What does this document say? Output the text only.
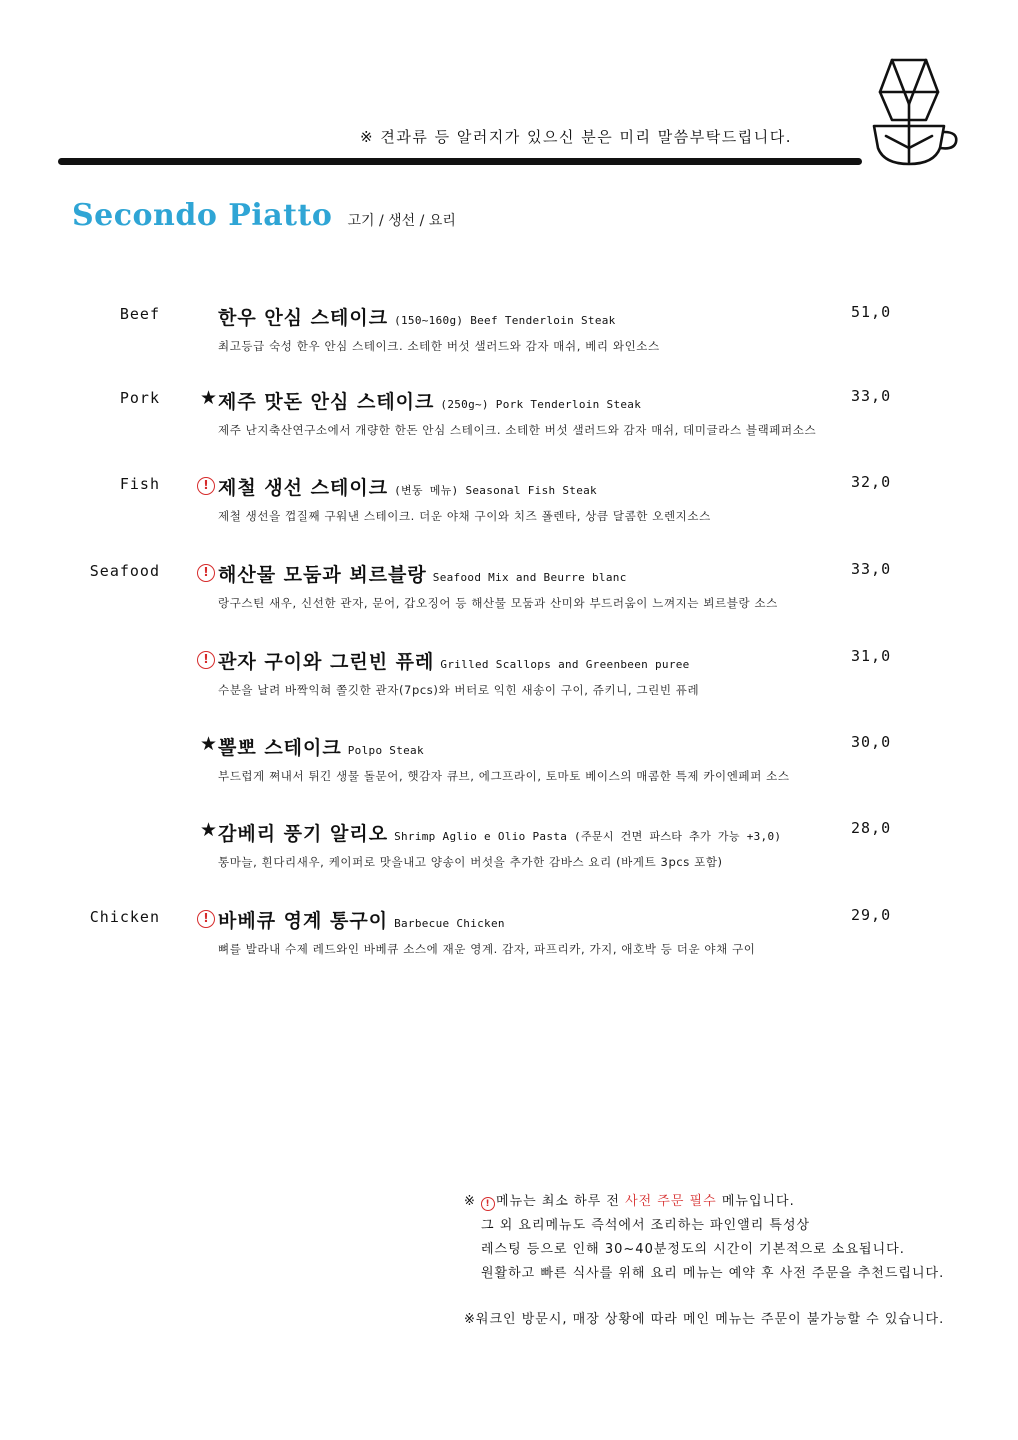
※ 견과류 등 알러지가 있으신 분은 미리 말씀부탁드립니다.
Secondo Piatto 고기 / 생선 / 요리
Beef	한우 안심 스테이크 (150~160g) Beef Tenderloin Steak
최고등급 숙성 한우 안심 스테이크. 소테한 버섯 샐러드와 감자 매쉬, 베리 와인소스
51,0
Pork ★ 제주 맛돈 안심 스테이크 (250g~) Pork Tenderloin Steak
제주 난지축산연구소에서 개량한 한돈 안심 스테이크. 소테한 버섯 샐러드와 감자 매쉬, 데미글라스 블랙페퍼소스
33,0
Fish	! 제철 생선 스테이크 (변동 메뉴) Seasonal Fish Steak
제철 생선을 껍질째 구워낸 스테이크. 더운 야채 구이와 치즈 폴렌타, 상큼 달콤한 오렌지소스
32,0
Seafood	! 해산물 모둠과 뵈르블랑 Seafood Mix and Beurre blanc
랑구스틴 새우, 신선한 관자, 문어, 갑오징어 등 해산물 모둠과 산미와 부드러움이 느껴지는 뵈르블랑 소스
33,0
! 관자 구이와 그린빈 퓨레 Grilled Scallops and Greenbeen puree
수분을 날려 바짝익혀 쫄깃한 관자(7pcs)와 버터로 익힌 새송이 구이, 쥬키니, 그린빈 퓨레
31,0
★ 뽈뽀 스테이크 Polpo Steak
부드럽게 쪄내서 튀긴 생물 돌문어, 햇감자 큐브, 에그프라이, 토마토 베이스의 매콤한 특제 카이엔페퍼 소스
30,0
★ 감베리 풍기 알리오 Shrimp Aglio e Olio Pasta (주문시 건면 파스타 추가 가능 +3,0)
통마늘, 흰다리새우, 케이퍼로 맛을내고 양송이 버섯을 추가한 감바스 요리 (바게트 3pcs 포함)
28,0
Chicken	! 바베큐 영계 통구이 Barbecue Chicken
뼈를 발라내 수제 레드와인 바베큐 소스에 재운 영계. 감자, 파프리카, 가지, 애호박 등 더운 야채 구이
29,0
※ ! 메뉴는 최소 하루 전 사전 주문 필수 메뉴입니다.
그 외 요리메뉴도 즉석에서 조리하는 파인앨리 특성상
레스팅 등으로 인해 30~40분정도의 시간이 기본적으로 소요됩니다.
원활하고 빠른 식사를 위해 요리 메뉴는 예약 후 사전 주문을 추천드립니다.
※워크인 방문시, 매장 상황에 따라 메인 메뉴는 주문이 불가능할 수 있습니다.
